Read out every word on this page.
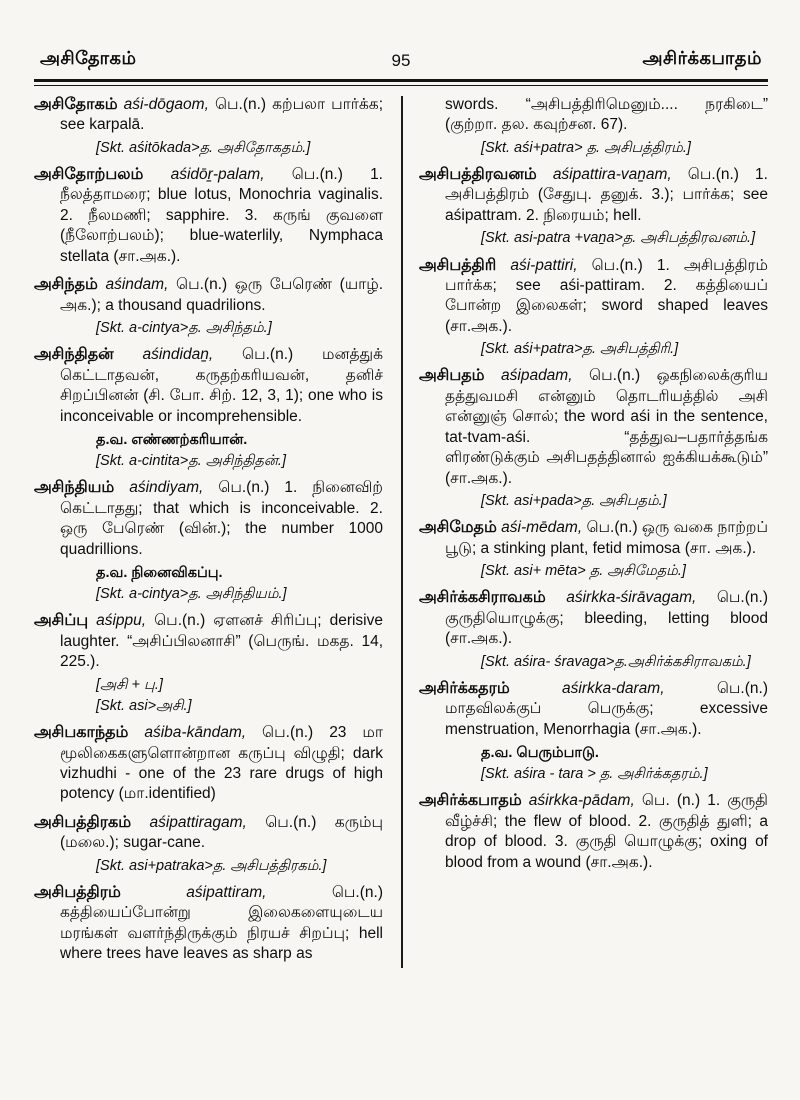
அசிதோகம்	95	அசிர்க்கபாதம்

அசிதோகம் aśi-dōgaom, பெ.(n.) கற்பலா பார்க்க; see karpalā.

[Skt. aśitōkada>த. அசிதோகதம்.]

அசிதோற்பலம் aśidōṟ-palam, பெ.(n.) 1. நீலத்தாமரை; blue lotus, Monochria vaginalis. 2. நீலமணி; sapphire. 3. கருங் குவளை (நீலோற்பலம்); blue-waterlily, Nymphaca stellata (சா.அக.).

அசிந்தம் aśindam, பெ.(n.) ஒரு பேரெண் (யாழ். அக.); a thousand quadrilions.

[Skt. a-cintya>த. அசிந்தம்.]

அசிந்திதன் aśindidaṉ, பெ.(n.) மனத்துக் கெட்டாதவன், கருதற்கரியவன், தனிச் சிறப்பினன் (சி. போ. சிற். 12, 3, 1); one who is inconceivable or incomprehensible.

த.வ. எண்ணற்கரியான்.
[Skt. a-cintita>த. அசிந்திதன்.]

அசிந்தியம் aśindiyam, பெ.(n.) 1. நினைவிற் கெட்டாதது; that which is inconceivable. 2. ஒரு பேரெண் (வின்.); the number 1000 quadrillions.

த.வ. நினைவிகப்பு.
[Skt. a-cintya>த. அசிந்தியம்.]

அசிப்பு aśippu, பெ.(n.) ஏளனச் சிரிப்பு; derisive laughter. “அசிப்பிலனாசி” (பெருங். மகத. 14, 225.).

[அசி + பு.]
[Skt. asi>அசி.]

அசிபகாந்தம் aśiba-kāndam, பெ.(n.) 23 மா மூலிகைகளுளொன்றான கருப்பு விழுதி; dark vizhudhi - one of the 23 rare drugs of high potency (மா.identified)

அசிபத்திரகம் aśipattiragam, பெ.(n.) கரும்பு (மலை.); sugar-cane.

[Skt. asi+patraka>த. அசிபத்திரகம்.]

அசிபத்திரம் aśipattiram, பெ.(n.) கத்தியைப்போன்று இலைகளையுடைய மரங்கள் வளர்ந்திருக்கும் நிரயச் சிறப்பு; hell where trees have leaves as sharp as

swords. “அசிபத்திரிமெனும்.... நரகிடை” (குற்றா. தல. கவுற்சன. 67).

[Skt. aśi+patra> த. அசிபத்திரம்.]

அசிபத்திரவனம் aśipattira-vaṉam, பெ.(n.) 1. அசிபத்திரம் (சேதுபு. தனுக். 3.); பார்க்க; see aśipattram. 2. நிரையம்; hell.

[Skt. asi-patra +vaṉa>த. அசிபத்திரவனம்.]

அசிபத்திரி aśi-pattiri, பெ.(n.) 1. அசிபத்திரம் பார்க்க; see aśi-pattiram. 2. கத்தியைப் போன்ற இலைகள்; sword shaped leaves (சா.அக.).

[Skt. aśi+patra>த. அசிபத்திரி.]

அசிபதம் aśipadam, பெ.(n.) ஒகநிலைக்குரிய தத்துவமசி என்னும் தொடரியத்தில் அசி என்னுஞ் சொல்; the word aśi in the sentence, tat-tvam-aśi. “தத்துவ–பதார்த்தங்க ளிரண்டுக்கும் அசிபதத்தினால் ஐக்கியக்கூடும்” (சா.அக.).

[Skt. asi+pada>த. அசிபதம்.]

அசிமேதம் aśi-mēdam, பெ.(n.) ஒரு வகை நாற்றப் பூடு; a stinking plant, fetid mimosa (சா. அக.).

[Skt. asi+ mēta> த. அசிமேதம்.]

அசிர்க்கசிராவகம் aśirkka-śirāvagam, பெ.(n.) குருதியொழுக்கு; bleeding, letting blood (சா.அக.).

[Skt. aśira- śravaga>த.அசிர்க்கசிராவகம்.]

அசிர்க்கதரம் aśirkka-daram, பெ.(n.) மாதவிலக்குப் பெருக்கு; excessive menstruation, Menorrhagia (சா.அக.).

த.வ. பெரும்பாடு.
[Skt. aśira - tara > த. அசிர்க்கதரம்.]

அசிர்க்கபாதம் aśirkka-pādam, பெ. (n.) 1. குருதி வீழ்ச்சி; the flew of blood. 2. குருதித் துளி; a drop of blood. 3. குருதி யொழுக்கு; oxing of blood from a wound (சா.அக.).
